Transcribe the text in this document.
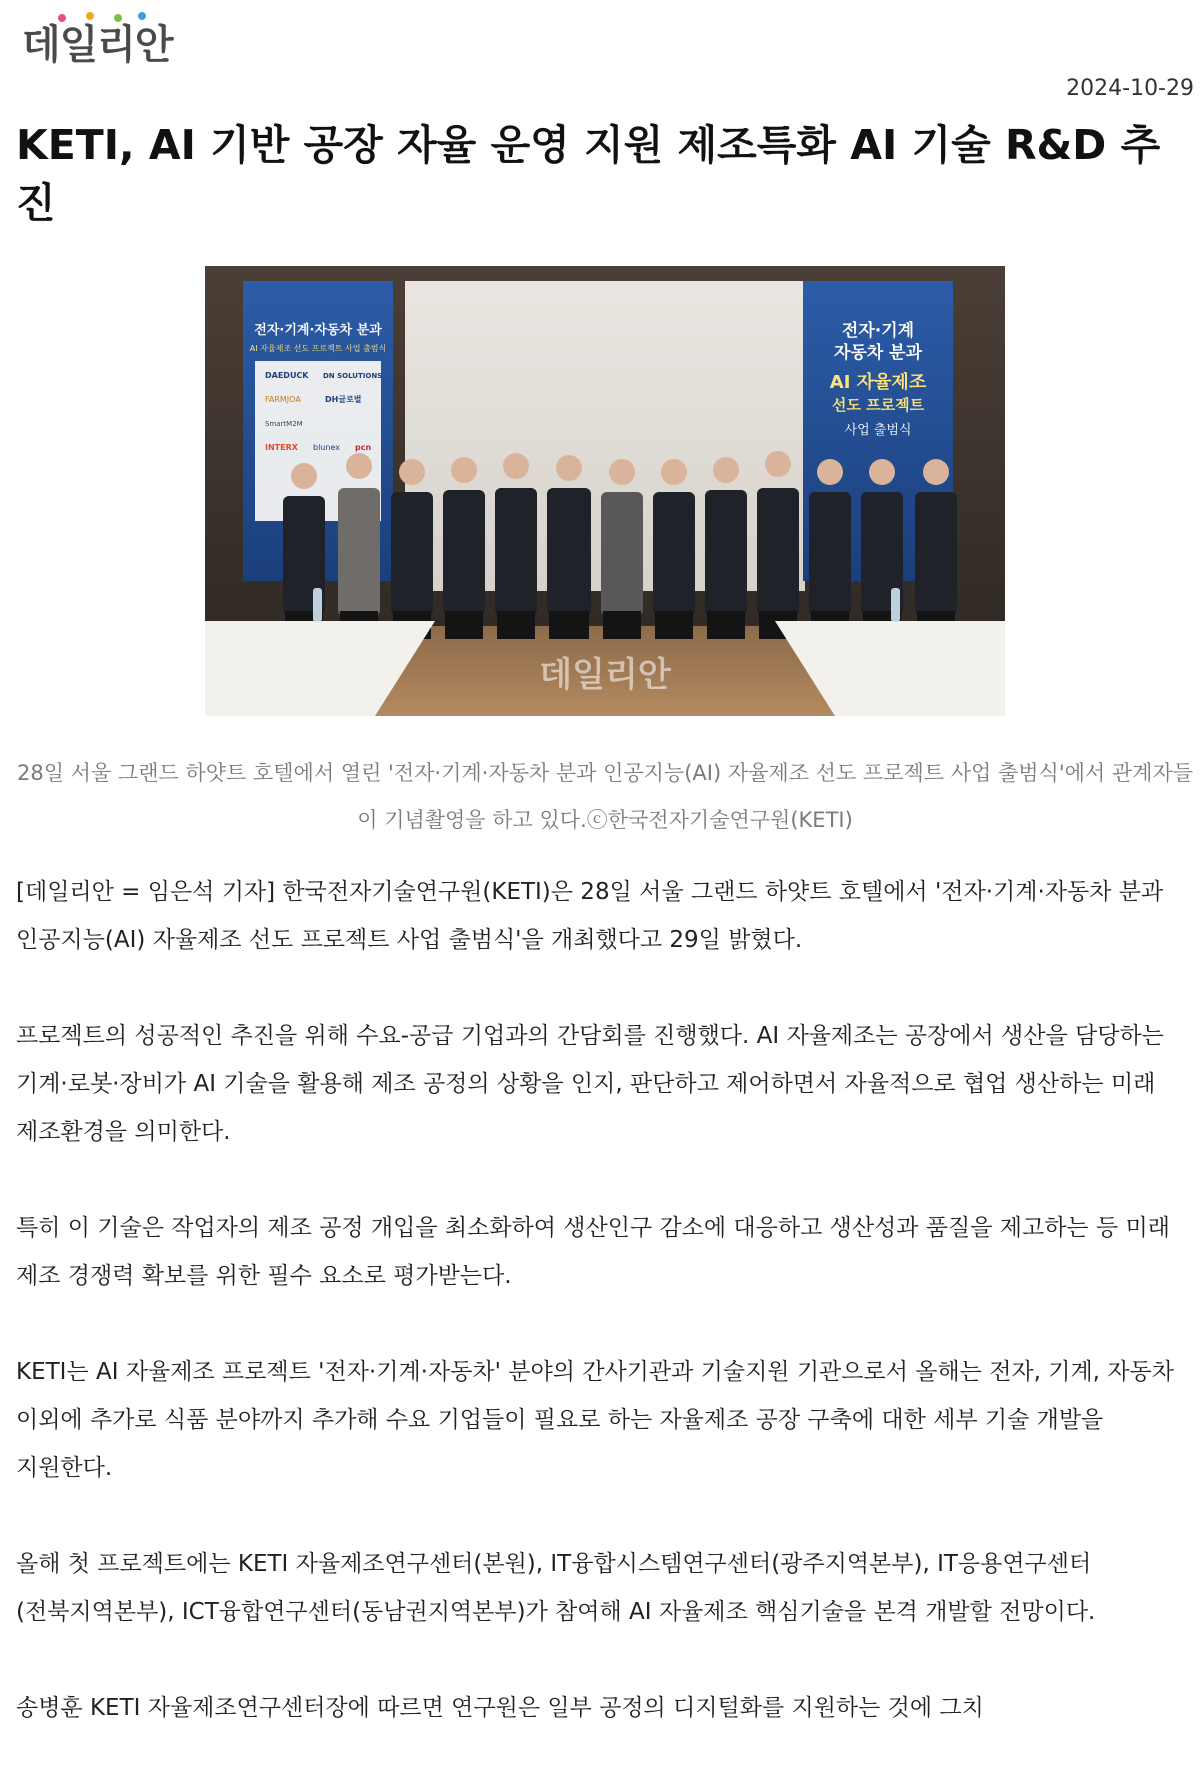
데일리안
2024-10-29
KETI, AI 기반 공장 자율 운영 지원 제조특화 AI 기술 R&D 추진
전자·기계·자동차 분과
AI 자율제조 선도 프로젝트 사업 출범식
DAEDUCK DN SOLUTIONS
FARMJOA	DH글로벌
SmartM2M
INTERX blunex pcn
전자·기계
자동차 분과
AI 자율제조
선도 프로젝트
사업 출범식
데일리안

28일 서울 그랜드 하얏트 호텔에서 열린 '전자·기계·자동차 분과 인공지능(AI) 자율제조 선도 프로젝트 사업 출범식'에서 관계자들이 기념촬영을 하고 있다.ⓒ한국전자기술연구원(KETI)

[데일리안 = 임은석 기자] 한국전자기술연구원(KETI)은 28일 서울 그랜드 하얏트 호텔에서 '전자·기계·자동차 분과 인공지능(AI) 자율제조 선도 프로젝트 사업 출범식'을 개최했다고 29일 밝혔다.

프로젝트의 성공적인 추진을 위해 수요-공급 기업과의 간담회를 진행했다. AI 자율제조는 공장에서 생산을 담당하는 기계·로봇·장비가 AI 기술을 활용해 제조 공정의 상황을 인지, 판단하고 제어하면서 자율적으로 협업 생산하는 미래 제조환경을 의미한다.

특히 이 기술은 작업자의 제조 공정 개입을 최소화하여 생산인구 감소에 대응하고 생산성과 품질을 제고하는 등 미래 제조 경쟁력 확보를 위한 필수 요소로 평가받는다.

KETI는 AI 자율제조 프로젝트 '전자·기계·자동차' 분야의 간사기관과 기술지원 기관으로서 올해는 전자, 기계, 자동차 이외에 추가로 식품 분야까지 추가해 수요 기업들이 필요로 하는 자율제조 공장 구축에 대한 세부 기술 개발을 지원한다.

올해 첫 프로젝트에는 KETI 자율제조연구센터(본원), IT융합시스템연구센터(광주지역본부), IT응용연구센터(전북지역본부), ICT융합연구센터(동남권지역본부)가 참여해 AI 자율제조 핵심기술을 본격 개발할 전망이다.

송병훈 KETI 자율제조연구센터장에 따르면 연구원은 일부 공정의 디지털화를 지원하는 것에 그치
